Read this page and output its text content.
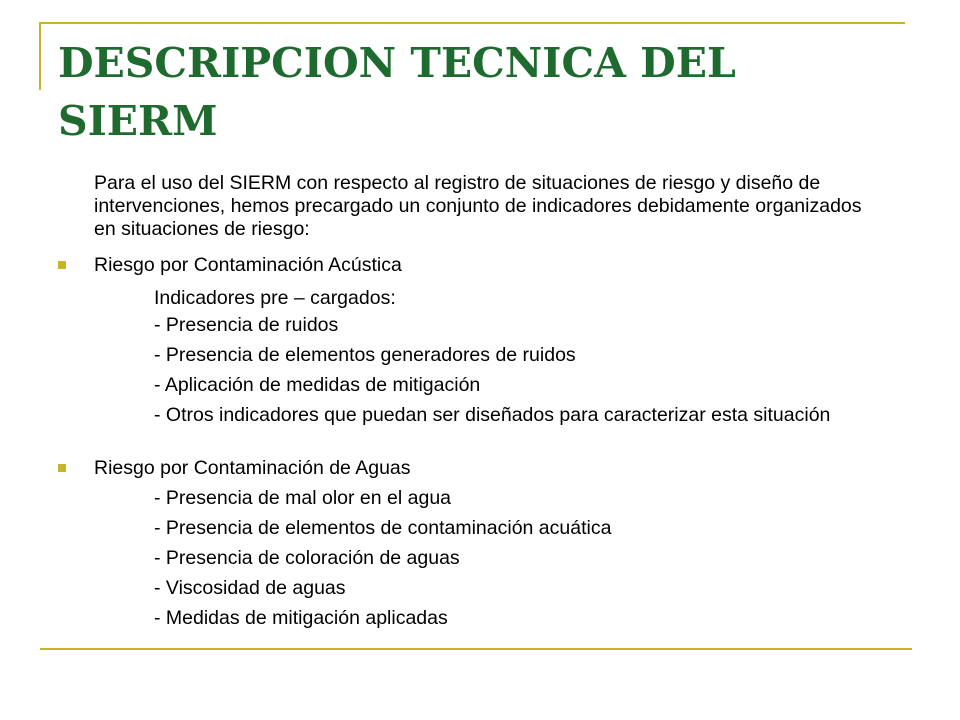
DESCRIPCION TECNICA DEL SIERM
Para el uso del SIERM con respecto al registro de situaciones de riesgo y diseño de intervenciones, hemos precargado un conjunto de indicadores debidamente organizados en situaciones de riesgo:
Riesgo por Contaminación Acústica
Indicadores pre – cargados:
- Presencia de ruidos
- Presencia de elementos generadores de ruidos
- Aplicación de medidas de mitigación
- Otros indicadores que puedan ser diseñados para caracterizar esta situación
Riesgo por Contaminación de Aguas
- Presencia de mal olor en el agua
- Presencia de elementos de contaminación acuática
- Presencia de coloración de aguas
- Viscosidad de aguas
- Medidas de mitigación aplicadas
